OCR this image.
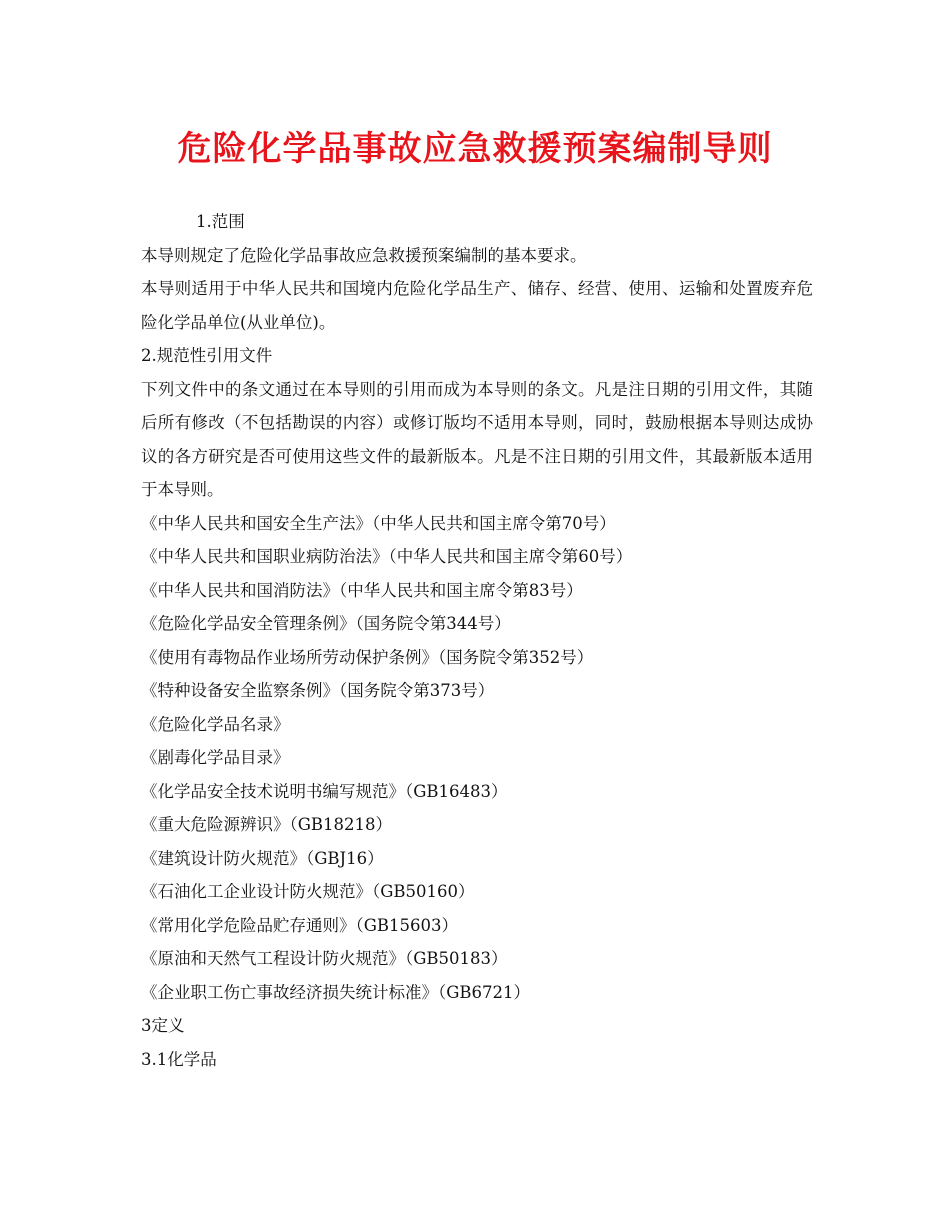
危险化学品事故应急救援预案编制导则

1.范围

本导则规定了危险化学品事故应急救援预案编制的基本要求。

本导则适用于中华人民共和国境内危险化学品生产、储存、经营、使用、运输和处置废弃危险化学品单位(从业单位)。

2.规范性引用文件

下列文件中的条文通过在本导则的引用而成为本导则的条文。凡是注日期的引用文件，其随后所有修改（不包括勘误的内容）或修订版均不适用本导则，同时，鼓励根据本导则达成协议的各方研究是否可使用这些文件的最新版本。凡是不注日期的引用文件，其最新版本适用于本导则。

《中华人民共和国安全生产法》（中华人民共和国主席令第70号）

《中华人民共和国职业病防治法》（中华人民共和国主席令第60号）

《中华人民共和国消防法》（中华人民共和国主席令第83号）

《危险化学品安全管理条例》（国务院令第344号）

《使用有毒物品作业场所劳动保护条例》（国务院令第352号）

《特种设备安全监察条例》（国务院令第373号）

《危险化学品名录》

《剧毒化学品目录》

《化学品安全技术说明书编写规范》（GB16483）

《重大危险源辨识》（GB18218）

《建筑设计防火规范》（GBJ16）

《石油化工企业设计防火规范》（GB50160）

《常用化学危险品贮存通则》（GB15603）

《原油和天然气工程设计防火规范》（GB50183）

《企业职工伤亡事故经济损失统计标准》（GB6721）

3定义

3.1化学品
